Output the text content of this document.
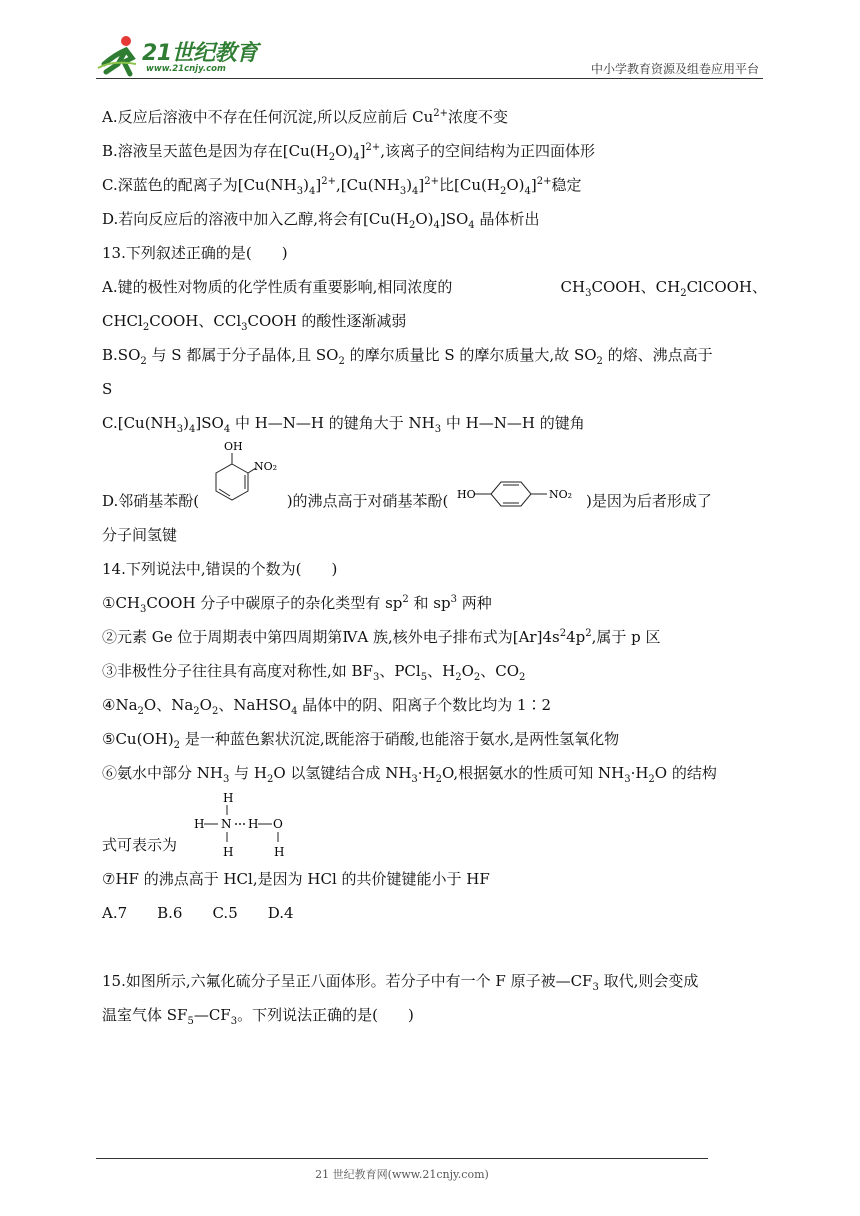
21世纪教育
www.21cnjy.com	中小学教育资源及组卷应用平台
A.反应后溶液中不存在任何沉淀,所以反应前后 $Cu^{2+}$浓度不变
B.溶液呈天蓝色是因为存在$[Cu(H_2O)_4]^{2+}$,该离子的空间结构为正四面体形
C.深蓝色的配离子为$[Cu(NH_3)_4]^{2+},[Cu(NH_3)_4]^{2+}$比$[Cu(H_2O)_4]^{2+}$稳定
D.若向反应后的溶液中加入乙醇,将会有$[Cu(H_2O)_4]SO_4$ 晶体析出
13.下列叙述正确的是(　　)
A.键的极性对物质的化学性质有重要影响,相同浓度的	$CH_3COOH$、$CH_2ClCOOH$、
CHCl$_2$COOH、CCl$_3$COOH 的酸性逐渐减弱
$B.SO_2$ 与 S 都属于分子晶体,且 $SO_2$ 的摩尔质量比 S 的摩尔质量大,故 $SO_2$ 的熔、沸点高于
S
$C.[Cu(NH_3)_4]SO_4$ 中 H—N—H 的键角大于 $NH_3$ 中 H—N—H 的键角
D.邻硝基苯酚(
OH
NO₂
)的沸点高于对硝基苯酚( HO	NO₂ )是因为后者形成了
分子间氢键
14.下列说法中,错误的个数为(　　)
$①CH_3COOH$ 分子中碳原子的杂化类型有 $sp^2$ 和 $sp^3$ 两种
②元素 Ge 位于周期表中第四周期第ⅣA 族,核外电子排布式为$[Ar]4s^24p^2$,属于 p 区
③非极性分子往往具有高度对称性,如 $BF_3$、PCl$_5$、$H_2O_2$、$CO_2$
$④Na_2O$、$Na_2O_2$、NaHSO$_4$ 晶体中的阴、阳离子个数比均为 1∶2
$⑤Cu(OH)_2$ 是一种蓝色絮状沉淀,既能溶于硝酸,也能溶于氨水,是两性氢氧化物
⑥氨水中部分 $NH_3$ 与 $H_2O$ 以氢键结合成 $NH_3\cdot H_2O$,根据氨水的性质可知 $NH_3\cdot H_2O$ 的结构
式可表示为
H
H N H O
H	H
⑦HF 的沸点高于 HCl,是因为 HCl 的共价键键能小于 HF
A.7　　B.6　　C.5　　D.4
15.如图所示,六氟化硫分子呈正八面体形。若分子中有一个 F 原子被$—CF_3$ 取代,则会变成
温室气体 $SF_5—CF_3$。下列说法正确的是(　　)
21 世纪教育网(www.21cnjy.com)
